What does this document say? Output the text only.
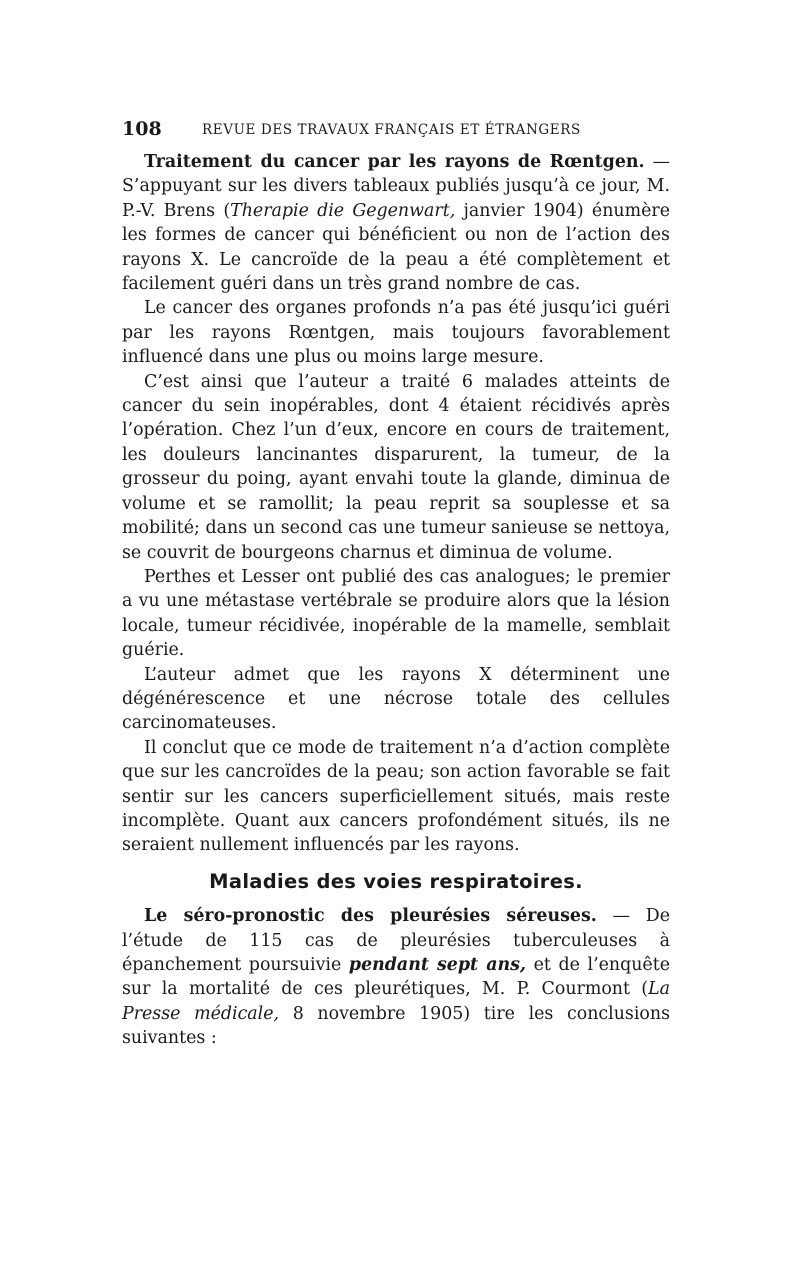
108	REVUE DES TRAVAUX FRANÇAIS ET ÉTRANGERS

Traitement du cancer par les rayons de Rœntgen. — S’appuyant sur les divers tableaux publiés jusqu’à ce jour, M. P.-V. Brens (Therapie die Gegenwart, janvier 1904) énumère les formes de cancer qui bénéficient ou non de l’action des rayons X. Le cancroïde de la peau a été complètement et facilement guéri dans un très grand nombre de cas.

Le cancer des organes profonds n’a pas été jusqu’ici guéri par les rayons Rœntgen, mais toujours favorablement influencé dans une plus ou moins large mesure.

C’est ainsi que l’auteur a traité 6 malades atteints de cancer du sein inopérables, dont 4 étaient récidivés après l’opération. Chez l’un d’eux, encore en cours de traitement, les douleurs lancinantes disparurent, la tumeur, de la grosseur du poing, ayant envahi toute la glande, diminua de volume et se ramollit; la peau reprit sa souplesse et sa mobilité; dans un second cas une tumeur sanieuse se nettoya, se couvrit de bourgeons charnus et diminua de volume.

Perthes et Lesser ont publié des cas analogues; le premier a vu une métastase vertébrale se produire alors que la lésion locale, tumeur récidivée, inopérable de la mamelle, semblait guérie.

L’auteur admet que les rayons X déterminent une dégénérescence et une nécrose totale des cellules carcinomateuses.

Il conclut que ce mode de traitement n’a d’action complète que sur les cancroïdes de la peau; son action favorable se fait sentir sur les cancers superficiellement situés, mais reste incomplète. Quant aux cancers profondément situés, ils ne seraient nullement influencés par les rayons.

Maladies des voies respiratoires.

Le séro-pronostic des pleurésies séreuses. — De l’étude de 115 cas de pleurésies tuberculeuses à épanchement poursuivie pendant sept ans, et de l’enquête sur la mortalité de ces pleurétiques, M. P. Courmont (La Presse médicale, 8 novembre 1905) tire les conclusions suivantes :
